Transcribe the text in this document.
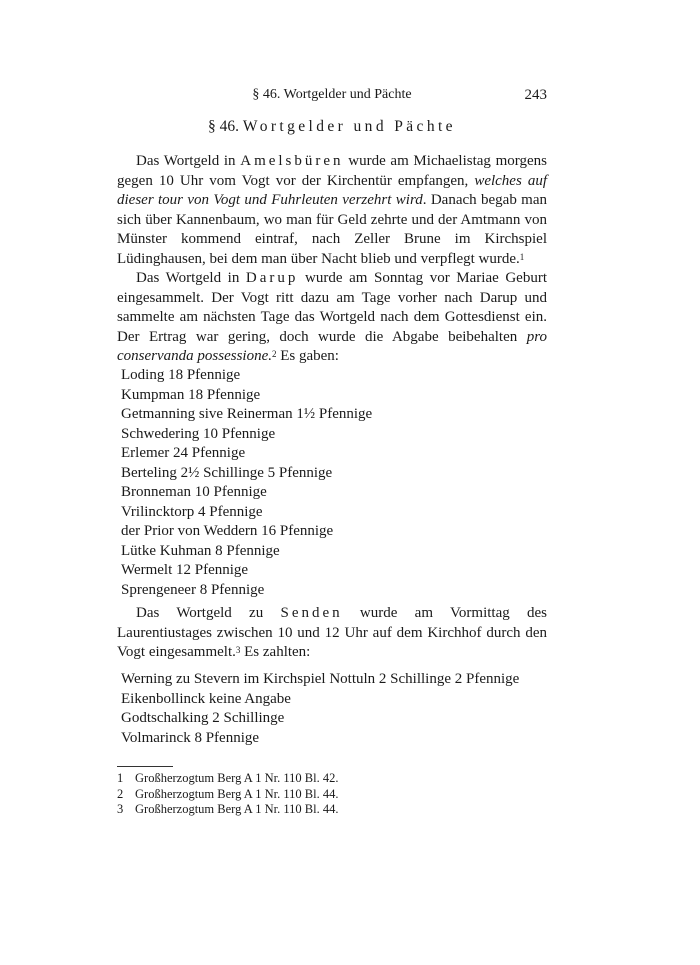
§ 46. Wortgelder und Pächte	243
§ 46. Wortgelder und Pächte

Das Wortgeld in Amelsbüren wurde am Michaelistag morgens gegen 10 Uhr vom Vogt vor der Kirchentür empfangen, welches auf dieser tour von Vogt und Fuhrleuten verzehrt wird. Danach begab man sich über Kannenbaum, wo man für Geld zehrte und der Amtmann von Münster kommend eintraf, nach Zeller Brune im Kirchspiel Lüdinghausen, bei dem man über Nacht blieb und verpflegt wurde.$^1$

Das Wortgeld in Darup wurde am Sonntag vor Mariae Geburt eingesammelt. Der Vogt ritt dazu am Tage vorher nach Darup und sammelte am nächsten Tage das Wortgeld nach dem Gottesdienst ein. Der Ertrag war gering, doch wurde die Abgabe beibehalten pro conservanda possessione.$^2$ Es gaben:

Loding 18 Pfennige
Kumpman 18 Pfennige
Getmanning sive Reinerman 1½ Pfennige
Schwedering 10 Pfennige
Erlemer 24 Pfennige
Berteling 2½ Schillinge 5 Pfennige
Bronneman 10 Pfennige
Vrilincktorp 4 Pfennige
der Prior von Weddern 16 Pfennige
Lütke Kuhman 8 Pfennige
Wermelt 12 Pfennige
Sprengeneer 8 Pfennige

Das Wortgeld zu Senden wurde am Vormittag des Laurentiustages zwischen 10 und 12 Uhr auf dem Kirchhof durch den Vogt eingesammelt.$^3$ Es zahlten:

Werning zu Stevern im Kirchspiel Nottuln 2 Schillinge 2 Pfennige
Eikenbollinck keine Angabe
Godtschalking 2 Schillinge
Volmarinck 8 Pfennige
1 Großherzogtum Berg A 1 Nr. 110 Bl. 42.
2 Großherzogtum Berg A 1 Nr. 110 Bl. 44.
3 Großherzogtum Berg A 1 Nr. 110 Bl. 44.
